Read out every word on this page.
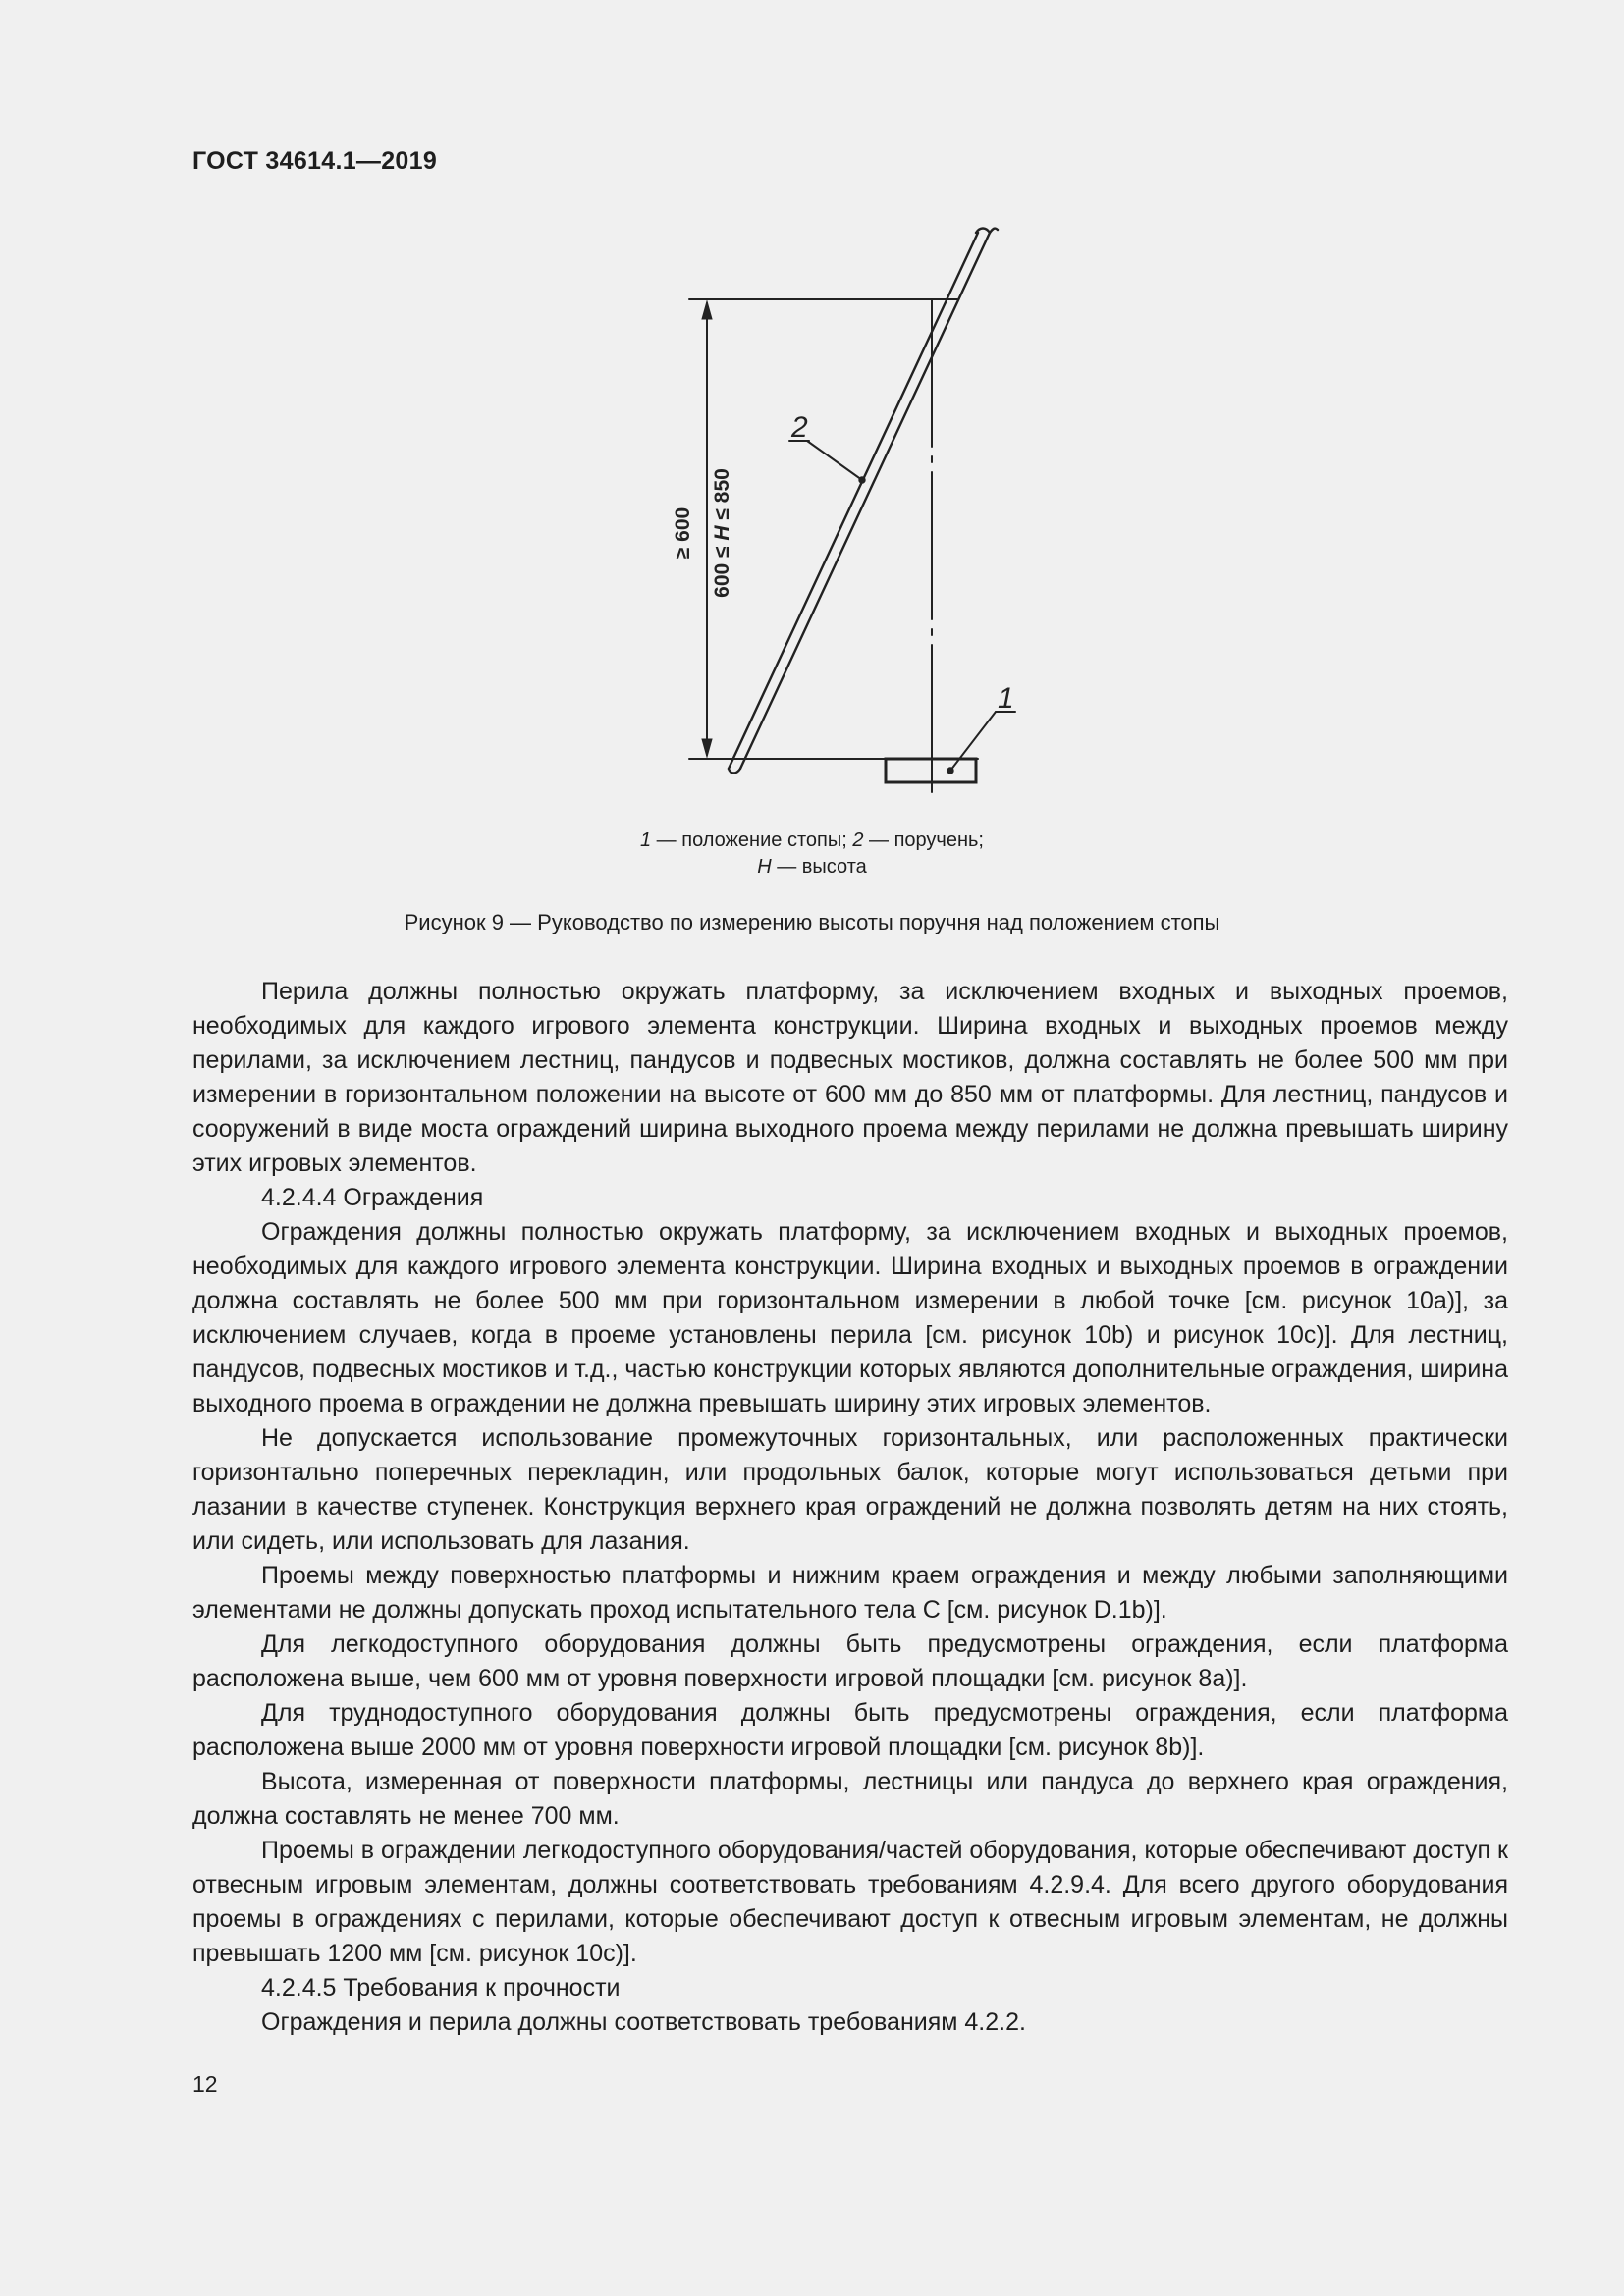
ГОСТ 34614.1—2019
2
1
≥ 600
600 ≤ H ≤ 850
1 — положение стопы; 2 — поручень;
H — высота
Рисунок 9 — Руководство по измерению высоты поручня над положением стопы

Перила должны полностью окружать платформу, за исключением входных и выходных проемов, необходимых для каждого игрового элемента конструкции. Ширина входных и выходных проемов между перилами, за исключением лестниц, пандусов и подвесных мостиков, должна составлять не более 500 мм при измерении в горизонтальном положении на высоте от 600 мм до 850 мм от платформы. Для лестниц, пандусов и сооружений в виде моста ограждений ширина выходного проема между перилами не должна превышать ширину этих игровых элементов.

4.2.4.4 Ограждения

Ограждения должны полностью окружать платформу, за исключением входных и выходных проемов, необходимых для каждого игрового элемента конструкции. Ширина входных и выходных проемов в ограждении должна составлять не более 500 мм при горизонтальном измерении в любой точке [см. рисунок 10a)], за исключением случаев, когда в проеме установлены перила [см. рисунок 10b) и рисунок 10c)]. Для лестниц, пандусов, подвесных мостиков и т.д., частью конструкции которых являются дополнительные ограждения, ширина выходного проема в ограждении не должна превышать ширину этих игровых элементов.

Не допускается использование промежуточных горизонтальных, или расположенных практически горизонтально поперечных перекладин, или продольных балок, которые могут использоваться детьми при лазании в качестве ступенек. Конструкция верхнего края ограждений не должна позволять детям на них стоять, или сидеть, или использовать для лазания.

Проемы между поверхностью платформы и нижним краем ограждения и между любыми заполняющими элементами не должны допускать проход испытательного тела С [см. рисунок D.1b)].

Для легкодоступного оборудования должны быть предусмотрены ограждения, если платформа расположена выше, чем 600 мм от уровня поверхности игровой площадки [см. рисунок 8a)].

Для труднодоступного оборудования должны быть предусмотрены ограждения, если платформа расположена выше 2000 мм от уровня поверхности игровой площадки [см. рисунок 8b)].

Высота, измеренная от поверхности платформы, лестницы или пандуса до верхнего края ограждения, должна составлять не менее 700 мм.

Проемы в ограждении легкодоступного оборудования/частей оборудования, которые обеспечивают доступ к отвесным игровым элементам, должны соответствовать требованиям 4.2.9.4. Для всего другого оборудования проемы в ограждениях с перилами, которые обеспечивают доступ к отвесным игровым элементам, не должны превышать 1200 мм [см. рисунок 10c)].

4.2.4.5 Требования к прочности

Ограждения и перила должны соответствовать требованиям 4.2.2.

12
